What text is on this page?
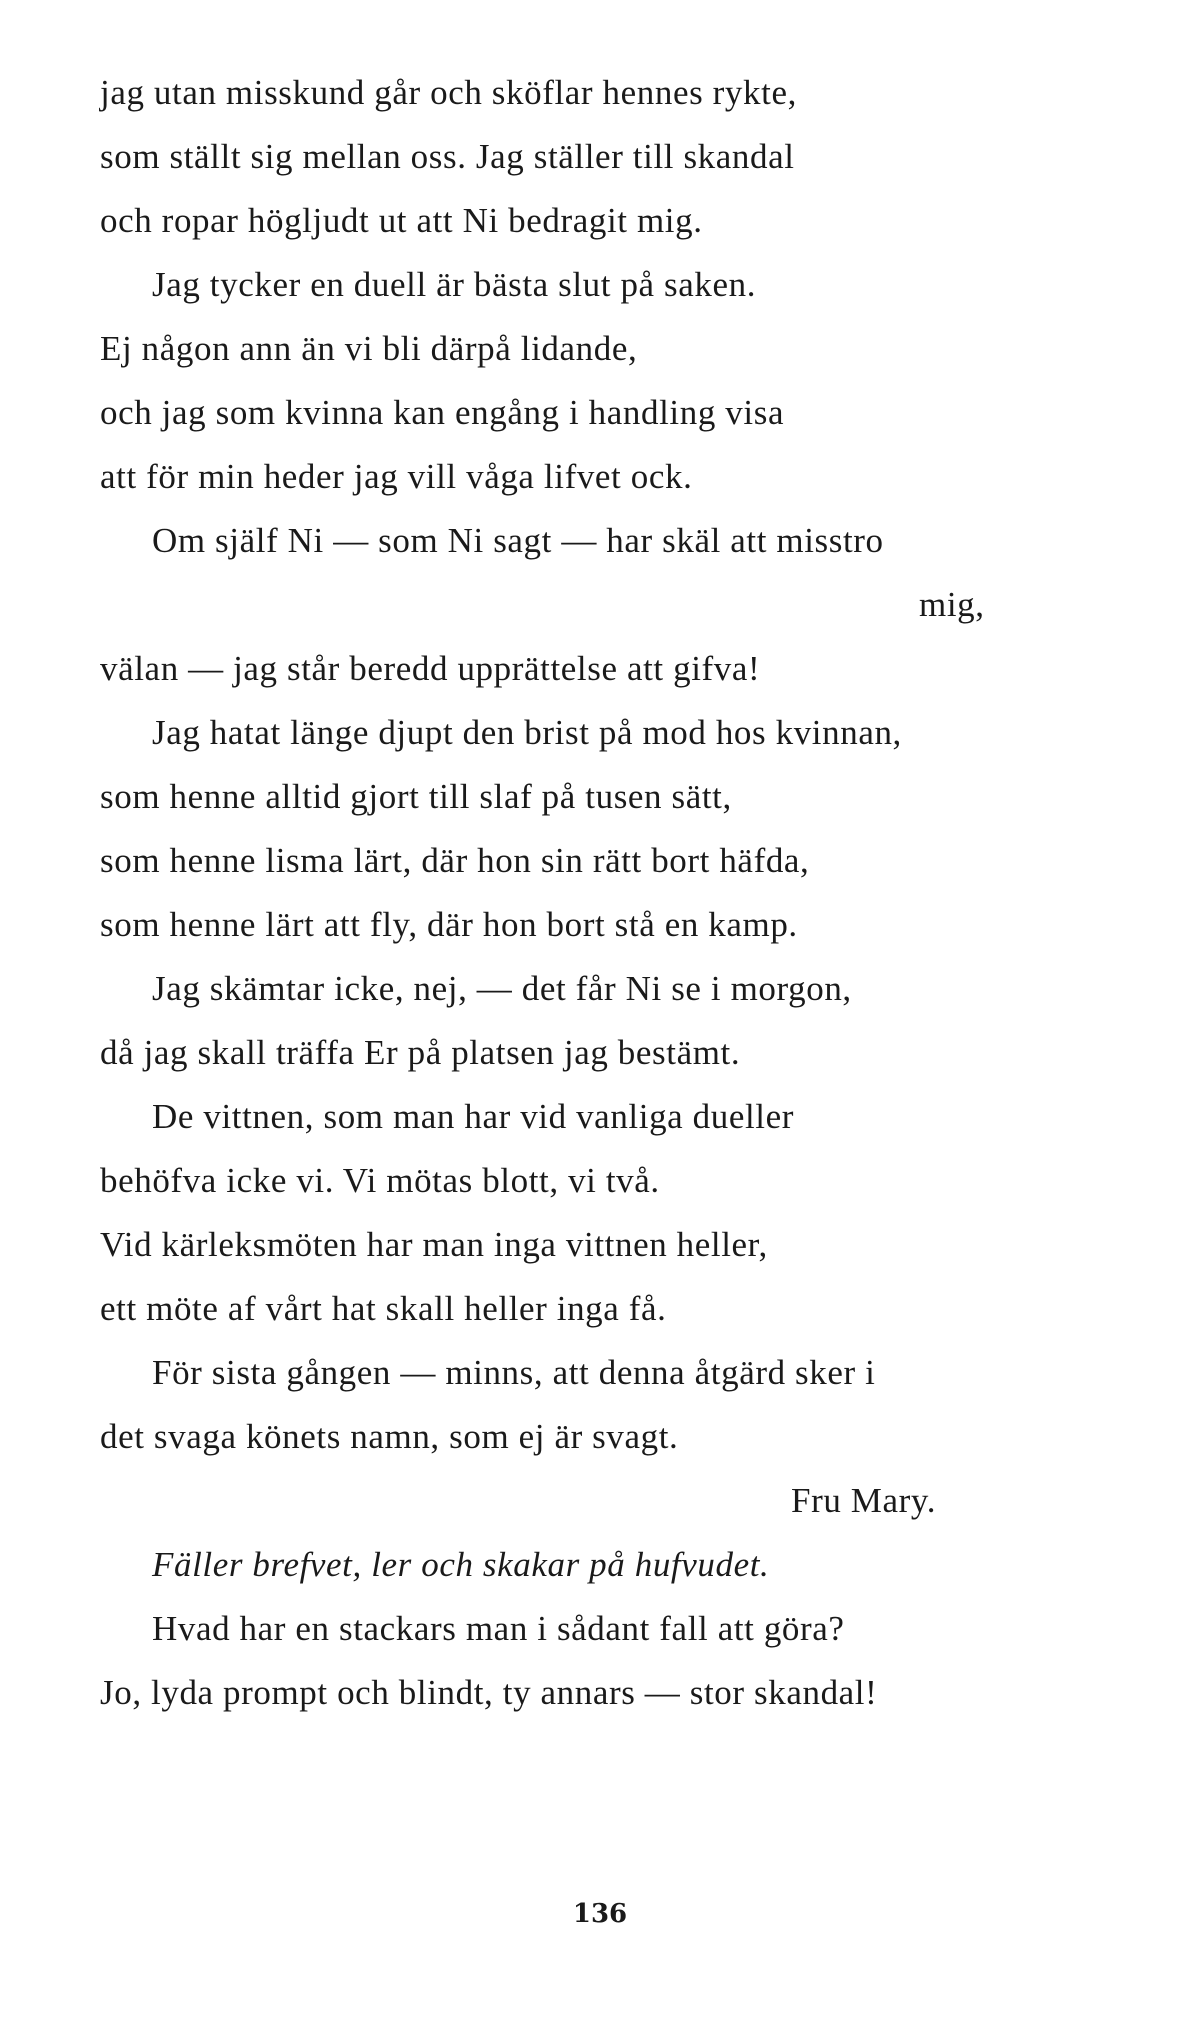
jag utan misskund går och sköflar hennes rykte,
som ställt sig mellan oss. Jag ställer till skandal
och ropar högljudt ut att Ni bedragit mig.
Jag tycker en duell är bästa slut på saken.
Ej någon ann än vi bli därpå lidande,
och jag som kvinna kan engång i handling visa
att för min heder jag vill våga lifvet ock.
Om själf Ni — som Ni sagt — har skäl att misstro
mig,
välan — jag står beredd upprättelse att gifva!
Jag hatat länge djupt den brist på mod hos kvinnan,
som henne alltid gjort till slaf på tusen sätt,
som henne lisma lärt, där hon sin rätt bort häfda,
som henne lärt att fly, där hon bort stå en kamp.
Jag skämtar icke, nej, — det får Ni se i morgon,
då jag skall träffa Er på platsen jag bestämt.
De vittnen, som man har vid vanliga dueller
behöfva icke vi. Vi mötas blott, vi två.
Vid kärleksmöten har man inga vittnen heller,
ett möte af vårt hat skall heller inga få.
För sista gången — minns, att denna åtgärd sker i
det svaga könets namn, som ej är svagt.
Fru Mary.
Fäller brefvet, ler och skakar på hufvudet.
Hvad har en stackars man i sådant fall att göra?
Jo, lyda prompt och blindt, ty annars — stor skandal!
136
